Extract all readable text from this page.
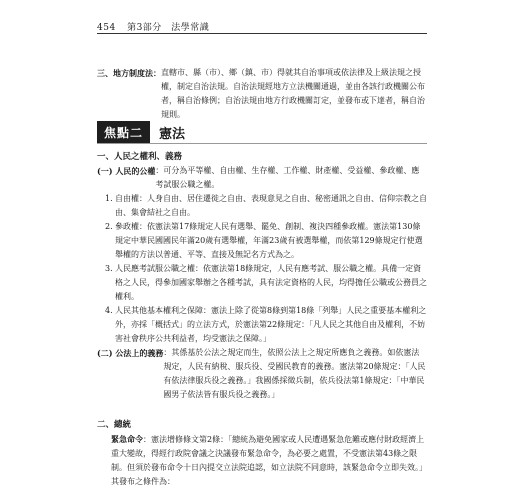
454 第3部分　法學常識
三、地方制度法： 直轄市、縣（市）、鄉（鎮、市）得就其自治事項或依法律及上級法規之授權，制定自治法規。自治法規經地方立法機關通過，並由各該行政機關公布者，稱自治條例；自治法規由地方行政機關訂定，並發布或下達者，稱自治規則。
焦點二	憲法
一、人民之權利、義務
(一) 人民的公權 ：可分為平等權、自由權、生存權、工作權、財產權、受益權、參政權、應考試服公職之權。
1. 自由權：人身自由、居住遷徙之自由、表現意見之自由、秘密通訊之自由、信仰宗教之自由、集會結社之自由。
2. 參政權：依憲法第17條規定人民有選舉、罷免、創制、複決四種參政權。憲法第130條規定中華民國國民年滿20歲有選舉權，年滿23歲有被選舉權，而依第129條規定行使選舉權的方法以普通、平等、直接及無記名方式為之。
3. 人民應考試服公職之權：依憲法第18條規定，人民有應考試、服公職之權。具備一定資格之人民，得參加國家舉辦之各種考試，具有法定資格的人民，均得擔任公職或公務員之權利。
4. 人民其他基本權利之保障：憲法上除了從第8條到第18條「列舉」人民之重要基本權利之外，亦採「概括式」的立法方式，於憲法第22條規定：「凡人民之其他自由及權利，不妨害社會秩序公共利益者，均受憲法之保障。」
(二) 公法上的義務 ：其係基於公法之規定而生，依照公法上之規定所應負之義務。如依憲法規定，人民有納稅、服兵役、受國民教育的義務。憲法第20條規定：「人民有依法律服兵役之義務。」我國係採徵兵制，依兵役法第1條規定：「中華民國男子依法皆有服兵役之義務。」
二、總統
緊急命令：憲法增修條文第2條：「總統為避免國家或人民遭遇緊急危難或應付財政經濟上重大變故，得經行政院會議之決議發布緊急命令，為必要之處置，不受憲法第43條之限制。但須於發布命令十日內提交立法院追認，如立法院不同意時，該緊急命令立即失效。」其發布之條件為：
